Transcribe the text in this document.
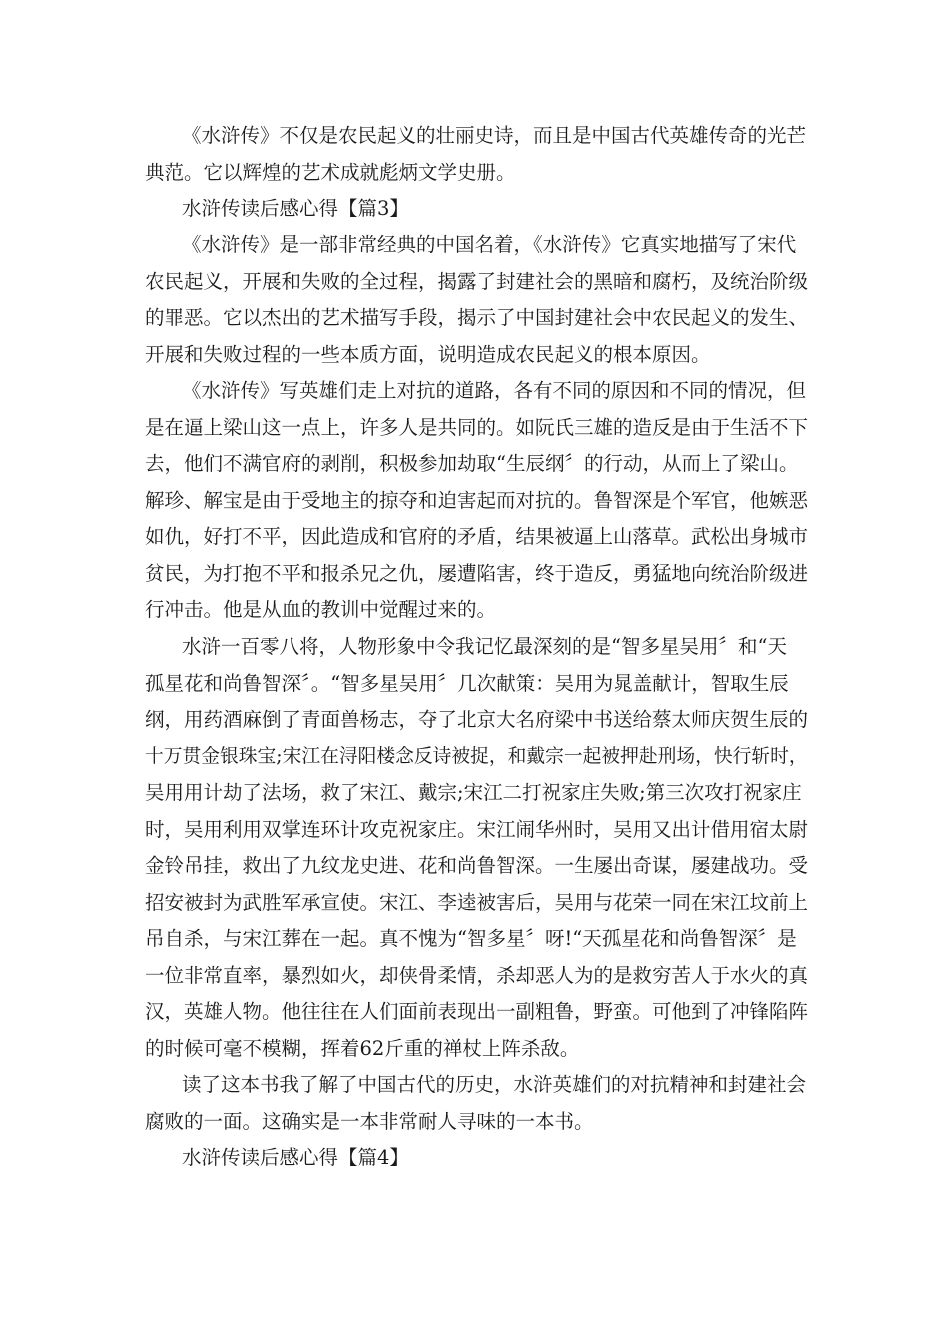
《水浒传》不仅是农民起义的壮丽史诗，而且是中国古代英雄传奇的光芒

典范。它以辉煌的艺术成就彪炳文学史册。

水浒传读后感心得【篇3】

《水浒传》是一部非常经典的中国名着，《水浒传》它真实地描写了宋代

农民起义，开展和失败的全过程，揭露了封建社会的黑暗和腐朽，及统治阶级

的罪恶。它以杰出的艺术描写手段，揭示了中国封建社会中农民起义的发生、

开展和失败过程的一些本质方面，说明造成农民起义的根本原因。

《水浒传》写英雄们走上对抗的道路，各有不同的原因和不同的情况，但

是在逼上梁山这一点上，许多人是共同的。如阮氏三雄的造反是由于生活不下

去，他们不满官府的剥削，积极参加劫取“生辰纲〞的行动，从而上了梁山。

解珍、解宝是由于受地主的掠夺和迫害起而对抗的。鲁智深是个军官，他嫉恶

如仇，好打不平，因此造成和官府的矛盾，结果被逼上山落草。武松出身城市

贫民，为打抱不平和报杀兄之仇，屡遭陷害，终于造反，勇猛地向统治阶级进

行冲击。他是从血的教训中觉醒过来的。

水浒一百零八将，人物形象中令我记忆最深刻的是“智多星吴用〞和“天

孤星花和尚鲁智深〞。“智多星吴用〞几次献策：吴用为晁盖献计，智取生辰

纲，用药酒麻倒了青面兽杨志，夺了北京大名府梁中书送给蔡太师庆贺生辰的

十万贯金银珠宝;宋江在浔阳楼念反诗被捉，和戴宗一起被押赴刑场，快行斩时，

吴用用计劫了法场，救了宋江、戴宗;宋江二打祝家庄失败;第三次攻打祝家庄

时，吴用利用双掌连环计攻克祝家庄。宋江闹华州时，吴用又出计借用宿太尉

金铃吊挂，救出了九纹龙史进、花和尚鲁智深。一生屡出奇谋，屡建战功。受

招安被封为武胜军承宣使。宋江、李逵被害后，吴用与花荣一同在宋江坟前上

吊自杀，与宋江葬在一起。真不愧为“智多星〞呀!“天孤星花和尚鲁智深〞是

一位非常直率，暴烈如火，却侠骨柔情，杀却恶人为的是救穷苦人于水火的真

汉，英雄人物。他往往在人们面前表现出一副粗鲁，野蛮。可他到了冲锋陷阵

的时候可毫不模糊，挥着62斤重的禅杖上阵杀敌。

读了这本书我了解了中国古代的历史，水浒英雄们的对抗精神和封建社会

腐败的一面。这确实是一本非常耐人寻味的一本书。

水浒传读后感心得【篇4】
